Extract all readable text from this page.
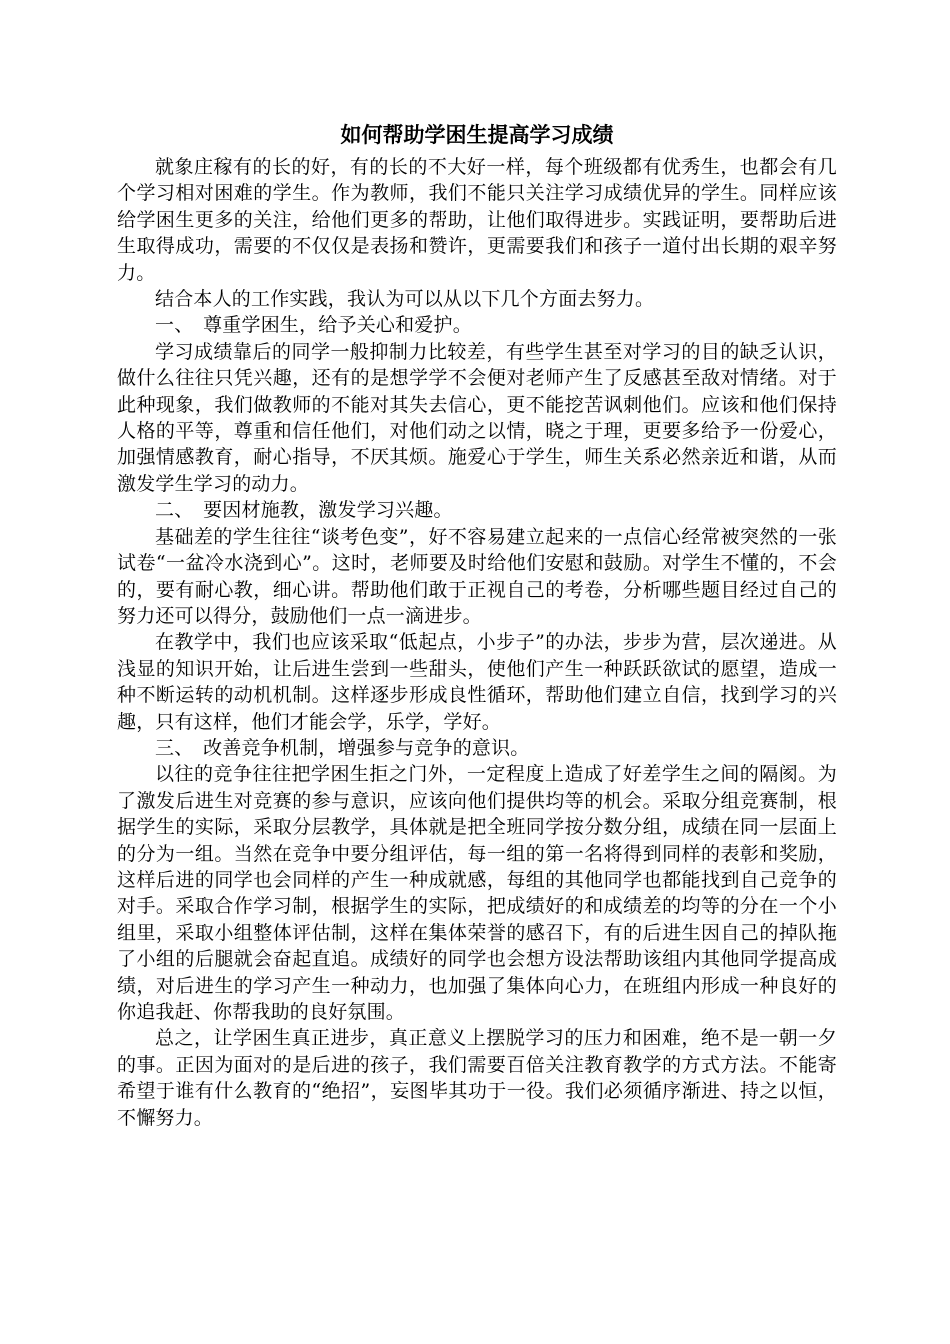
如何帮助学困生提高学习成绩

就象庄稼有的长的好，有的长的不大好一样，每个班级都有优秀生，也都会有几个学习相对困难的学生。作为教师，我们不能只关注学习成绩优异的学生。同样应该给学困生更多的关注，给他们更多的帮助，让他们取得进步。实践证明，要帮助后进生取得成功，需要的不仅仅是表扬和赞许，更需要我们和孩子一道付出长期的艰辛努力。

结合本人的工作实践，我认为可以从以下几个方面去努力。

一、　尊重学困生，给予关心和爱护。

学习成绩靠后的同学一般抑制力比较差，有些学生甚至对学习的目的缺乏认识，做什么往往只凭兴趣，还有的是想学学不会便对老师产生了反感甚至敌对情绪。对于此种现象，我们做教师的不能对其失去信心，更不能挖苦讽刺他们。应该和他们保持人格的平等，尊重和信任他们，对他们动之以情，晓之于理，更要多给予一份爱心，加强情感教育，耐心指导，不厌其烦。施爱心于学生，师生关系必然亲近和谐，从而激发学生学习的动力。

二、　要因材施教，激发学习兴趣。

基础差的学生往往“谈考色变”，好不容易建立起来的一点信心经常被突然的一张试卷“一盆冷水浇到心”。这时，老师要及时给他们安慰和鼓励。对学生不懂的，不会的，要有耐心教，细心讲。帮助他们敢于正视自己的考卷，分析哪些题目经过自己的努力还可以得分，鼓励他们一点一滴进步。

在教学中，我们也应该采取“低起点，小步子”的办法，步步为营，层次递进。从浅显的知识开始，让后进生尝到一些甜头，使他们产生一种跃跃欲试的愿望，造成一种不断运转的动机机制。这样逐步形成良性循环，帮助他们建立自信，找到学习的兴趣，只有这样，他们才能会学，乐学，学好。

三、　改善竞争机制，增强参与竞争的意识。

以往的竞争往往把学困生拒之门外，一定程度上造成了好差学生之间的隔阂。为了激发后进生对竞赛的参与意识，应该向他们提供均等的机会。采取分组竞赛制，根据学生的实际，采取分层教学，具体就是把全班同学按分数分组，成绩在同一层面上的分为一组。当然在竞争中要分组评估，每一组的第一名将得到同样的表彰和奖励，这样后进的同学也会同样的产生一种成就感，每组的其他同学也都能找到自己竞争的对手。采取合作学习制，根据学生的实际，把成绩好的和成绩差的均等的分在一个小组里，采取小组整体评估制，这样在集体荣誉的感召下，有的后进生因自己的掉队拖了小组的后腿就会奋起直追。成绩好的同学也会想方设法帮助该组内其他同学提高成绩，对后进生的学习产生一种动力，也加强了集体向心力，在班组内形成一种良好的你追我赶、你帮我助的良好氛围。

总之，让学困生真正进步，真正意义上摆脱学习的压力和困难，绝不是一朝一夕的事。正因为面对的是后进的孩子，我们需要百倍关注教育教学的方式方法。不能寄希望于谁有什么教育的“绝招”，妄图毕其功于一役。我们必须循序渐进、持之以恒，不懈努力。
